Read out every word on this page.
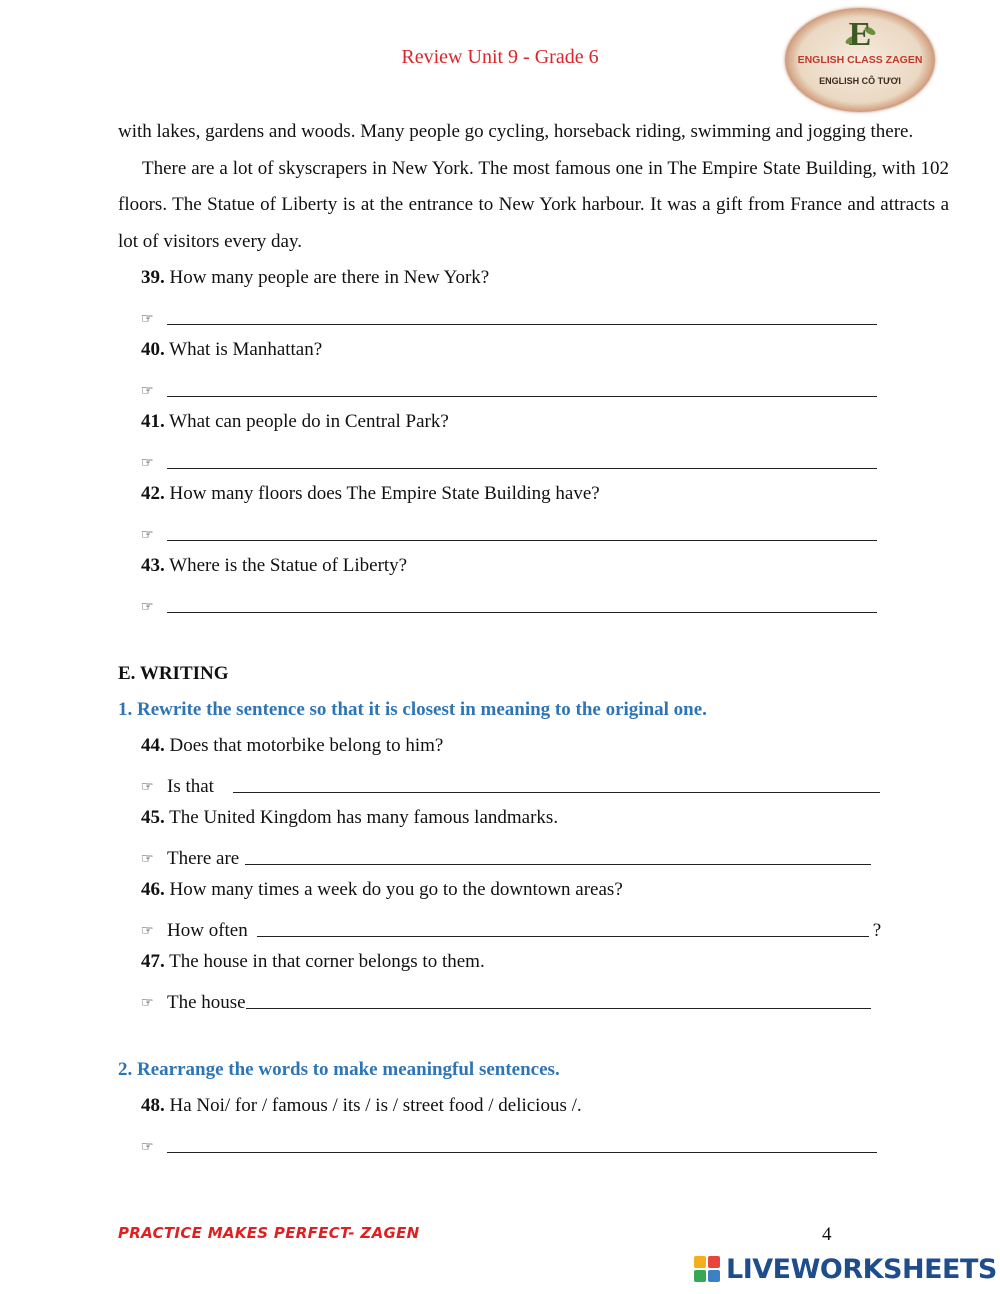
Review Unit 9 - Grade 6
E
ENGLISH CLASS ZAGEN
ENGLISH CÔ TƯƠI

with lakes, gardens and woods. Many people go cycling, horseback riding, swimming and jogging there.

There are a lot of skyscrapers in New York. The most famous one in The Empire State Building, with 102 floors. The Statue of Liberty is at the entrance to New York harbour. It was a gift from France and attracts a lot of visitors every day.

39. How many people are there in New York?
☞
40. What is Manhattan?
☞
41. What can people do in Central Park?
☞
42. How many floors does The Empire State Building have?
☞
43. Where is the Statue of Liberty?
☞
E. WRITING
1. Rewrite the sentence so that it is closest in meaning to the original one.
44. Does that motorbike belong to him?
☞ Is that
45. The United Kingdom has many famous landmarks.
☞ There are
46. How many times a week do you go to the downtown areas?
☞ How often	?
47. The house in that corner belongs to them.
☞ The house
2. Rearrange the words to make meaningful sentences.
48. Ha Noi/ for / famous / its / is / street food / delicious /.
☞
PRACTICE MAKES PERFECT- ZAGEN	4
LIVEWORKSHEETS
